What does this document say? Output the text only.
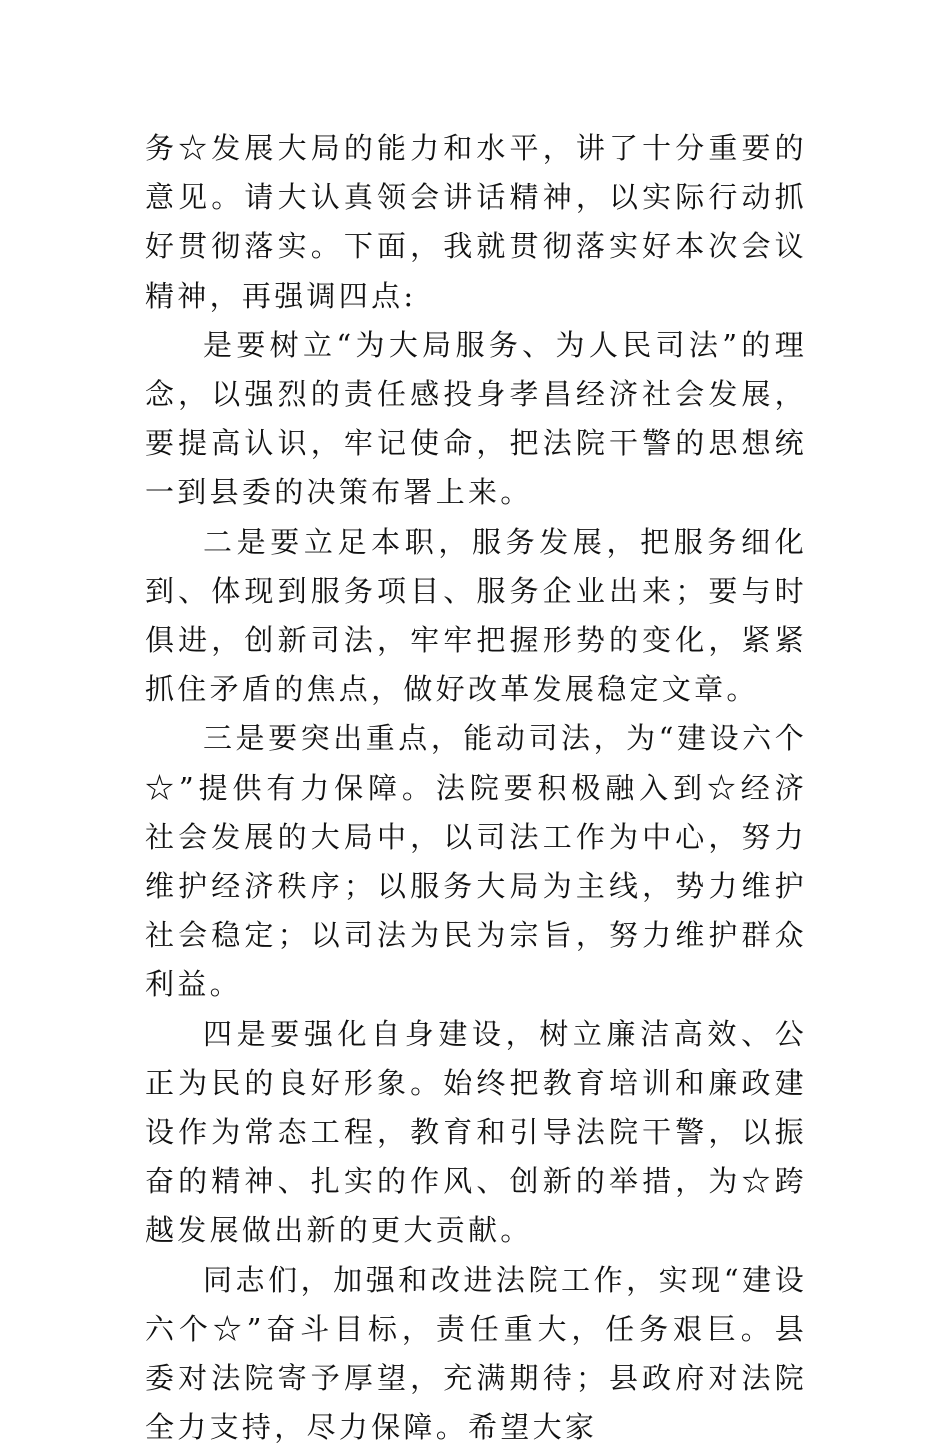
务☆发展大局的能力和水平，讲了十分重要的意见。请大认真领会讲话精神，以实际行动抓好贯彻落实。下面，我就贯彻落实好本次会议精神，再强调四点:

是要树立“为大局服务、为人民司法”的理念，以强烈的责任感投身孝昌经济社会发展，要提高认识，牢记使命，把法院干警的思想统一到县委的决策布署上来。

二是要立足本职，服务发展，把服务细化到、体现到服务项目、服务企业出来；要与时俱进，创新司法，牢牢把握形势的变化，紧紧抓住矛盾的焦点，做好改革发展稳定文章。

三是要突出重点，能动司法，为“建设六个☆”提供有力保障。法院要积极融入到☆经济社会发展的大局中，以司法工作为中心，努力维护经济秩序；以服务大局为主线，势力维护社会稳定；以司法为民为宗旨，努力维护群众利益。

四是要强化自身建设，树立廉洁高效、公正为民的良好形象。始终把教育培训和廉政建设作为常态工程，教育和引导法院干警，以振奋的精神、扎实的作风、创新的举措，为☆跨越发展做出新的更大贡献。

同志们，加强和改进法院工作，实现“建设六个☆”奋斗目标，责任重大，任务艰巨。县委对法院寄予厚望，充满期待；县政府对法院全力支持，尽力保障。希望大家
